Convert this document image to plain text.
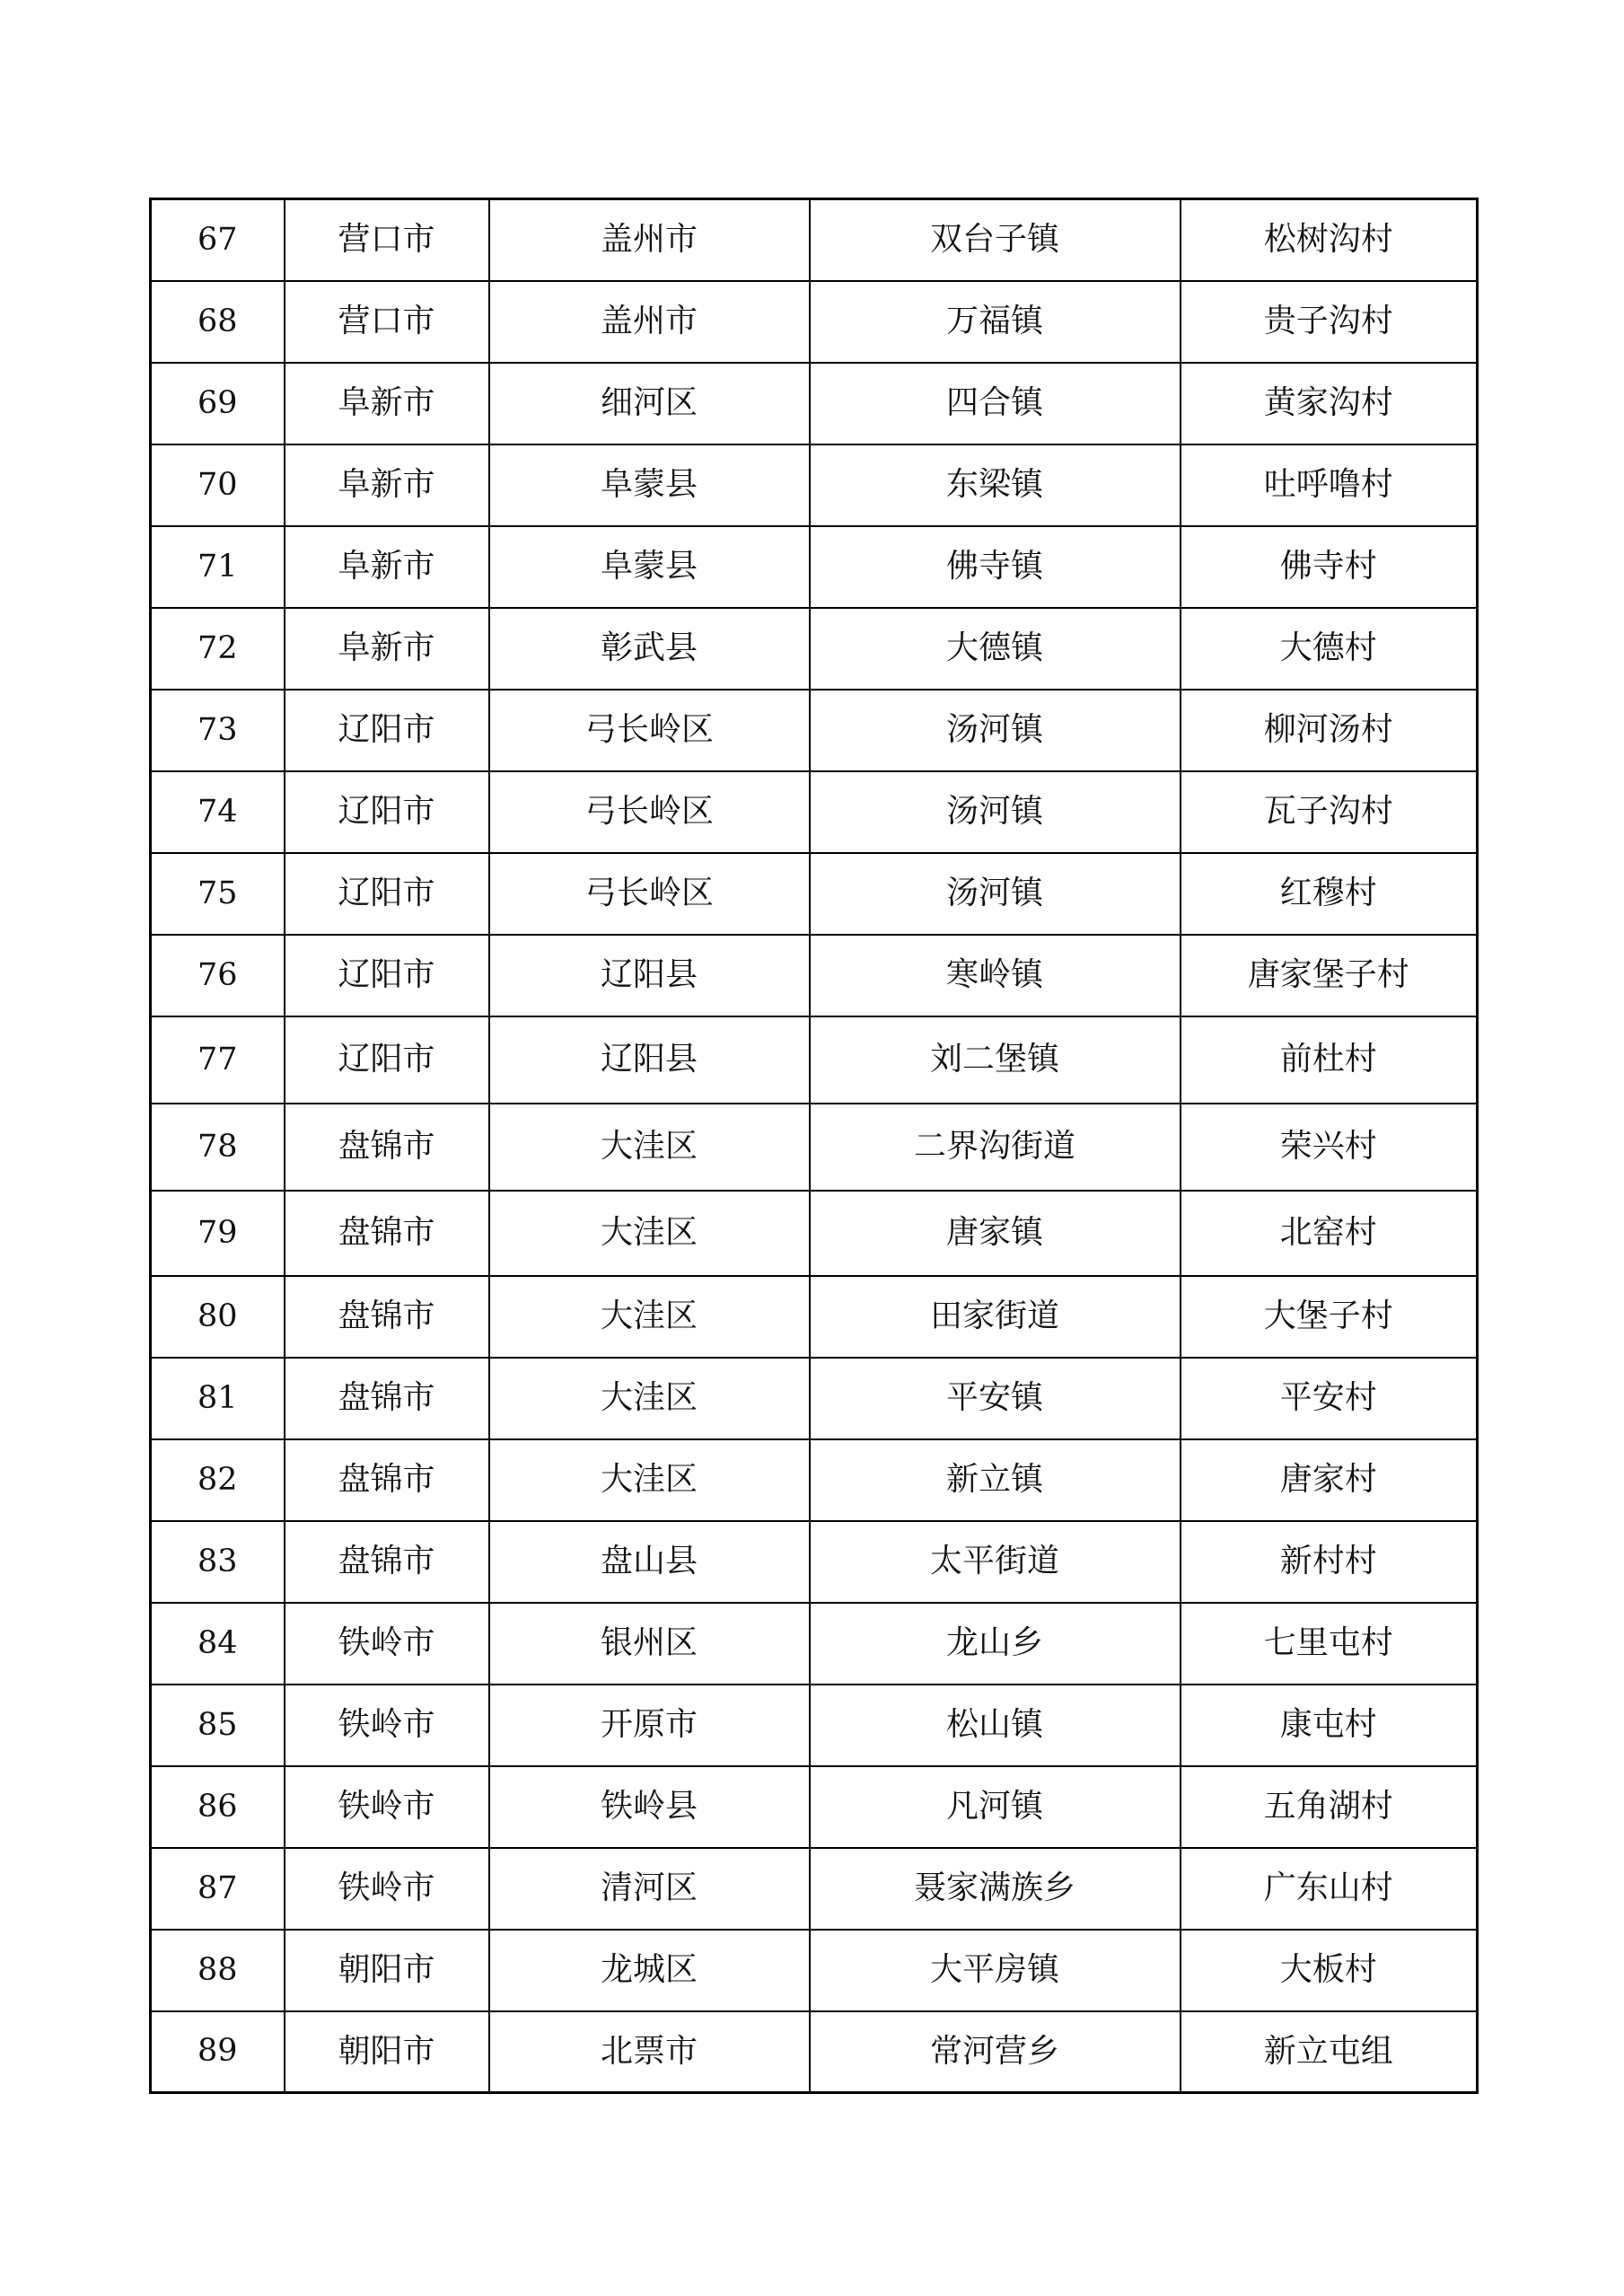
67	营口市	盖州市	双台子镇	松树沟村
68	营口市	盖州市	万福镇	贵子沟村
69	阜新市	细河区	四合镇	黄家沟村
70	阜新市	阜蒙县	东梁镇	吐呼噜村
71	阜新市	阜蒙县	佛寺镇	佛寺村
72	阜新市	彰武县	大德镇	大德村
73	辽阳市	弓长岭区	汤河镇	柳河汤村
74	辽阳市	弓长岭区	汤河镇	瓦子沟村
75	辽阳市	弓长岭区	汤河镇	红穆村
76	辽阳市	辽阳县	寒岭镇	唐家堡子村
77	辽阳市	辽阳县	刘二堡镇	前杜村
78	盘锦市	大洼区	二界沟街道	荣兴村
79	盘锦市	大洼区	唐家镇	北窑村
80	盘锦市	大洼区	田家街道	大堡子村
81	盘锦市	大洼区	平安镇	平安村
82	盘锦市	大洼区	新立镇	唐家村
83	盘锦市	盘山县	太平街道	新村村
84	铁岭市	银州区	龙山乡	七里屯村
85	铁岭市	开原市	松山镇	康屯村
86	铁岭市	铁岭县	凡河镇	五角湖村
87	铁岭市	清河区	聂家满族乡	广东山村
88	朝阳市	龙城区	大平房镇	大板村
89	朝阳市	北票市	常河营乡	新立屯组
